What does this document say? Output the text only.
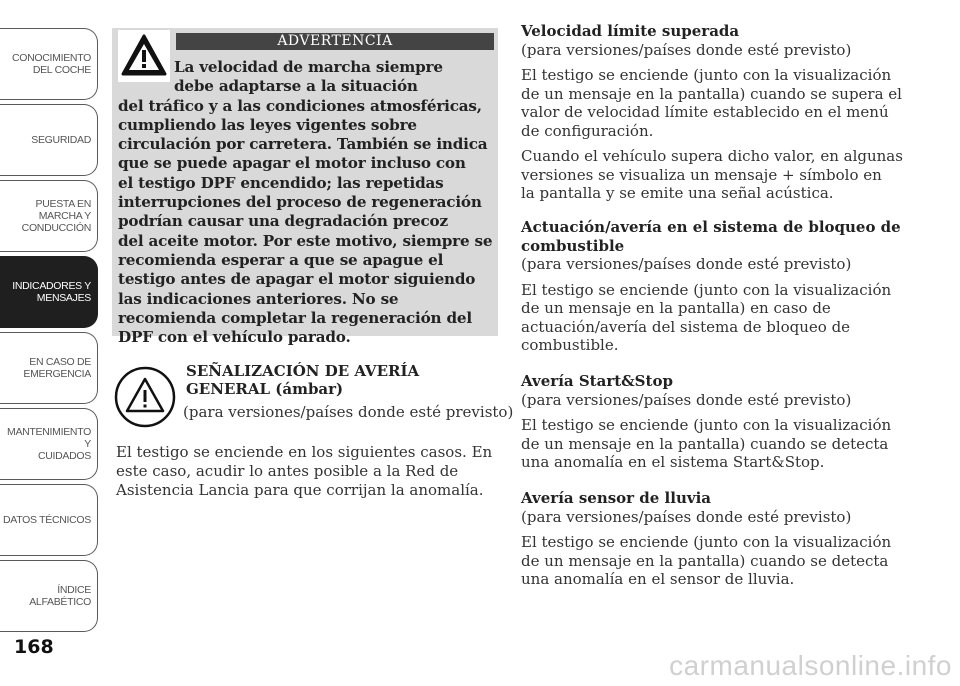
CONOCIMIENTO
DEL COCHE
SEGURIDAD
PUESTA EN
MARCHA Y
CONDUCCIÓN
INDICADORES Y
MENSAJES
EN CASO DE
EMERGENCIA
MANTENIMIENTO Y
CUIDADOS
DATOS TÉCNICOS
ÍNDICE
ALFABÉTICO
168
ADVERTENCIA
La velocidad de marcha siempre
debe adaptarse a la situación
del tráfico y a las condiciones atmosféricas,
cumpliendo las leyes vigentes sobre
circulación por carretera. También se indica
que se puede apagar el motor incluso con
el testigo DPF encendido; las repetidas
interrupciones del proceso de regeneración
podrían causar una degradación precoz
del aceite motor. Por este motivo, siempre se
recomienda esperar a que se apague el
testigo antes de apagar el motor siguiendo
las indicaciones anteriores. No se
recomienda completar la regeneración del
DPF con el vehículo parado.
SEÑALIZACIÓN DE AVERÍA
GENERAL (ámbar)
(para versiones/países donde esté previsto)
El testigo se enciende en los siguientes casos. En
este caso, acudir lo antes posible a la Red de
Asistencia Lancia para que corrijan la anomalía.
Velocidad límite superada
(para versiones/países donde esté previsto)
El testigo se enciende (junto con la visualización
de un mensaje en la pantalla) cuando se supera el
valor de velocidad límite establecido en el menú
de configuración.
Cuando el vehículo supera dicho valor, en algunas
versiones se visualiza un mensaje + símbolo en
la pantalla y se emite una señal acústica.
Actuación/avería en el sistema de bloqueo de
combustible
(para versiones/países donde esté previsto)
El testigo se enciende (junto con la visualización
de un mensaje en la pantalla) en caso de
actuación/avería del sistema de bloqueo de
combustible.
Avería Start&Stop
(para versiones/países donde esté previsto)
El testigo se enciende (junto con la visualización
de un mensaje en la pantalla) cuando se detecta
una anomalía en el sistema Start&Stop.
Avería sensor de lluvia
(para versiones/países donde esté previsto)
El testigo se enciende (junto con la visualización
de un mensaje en la pantalla) cuando se detecta
una anomalía en el sensor de lluvia.
carmanualsonline.info
